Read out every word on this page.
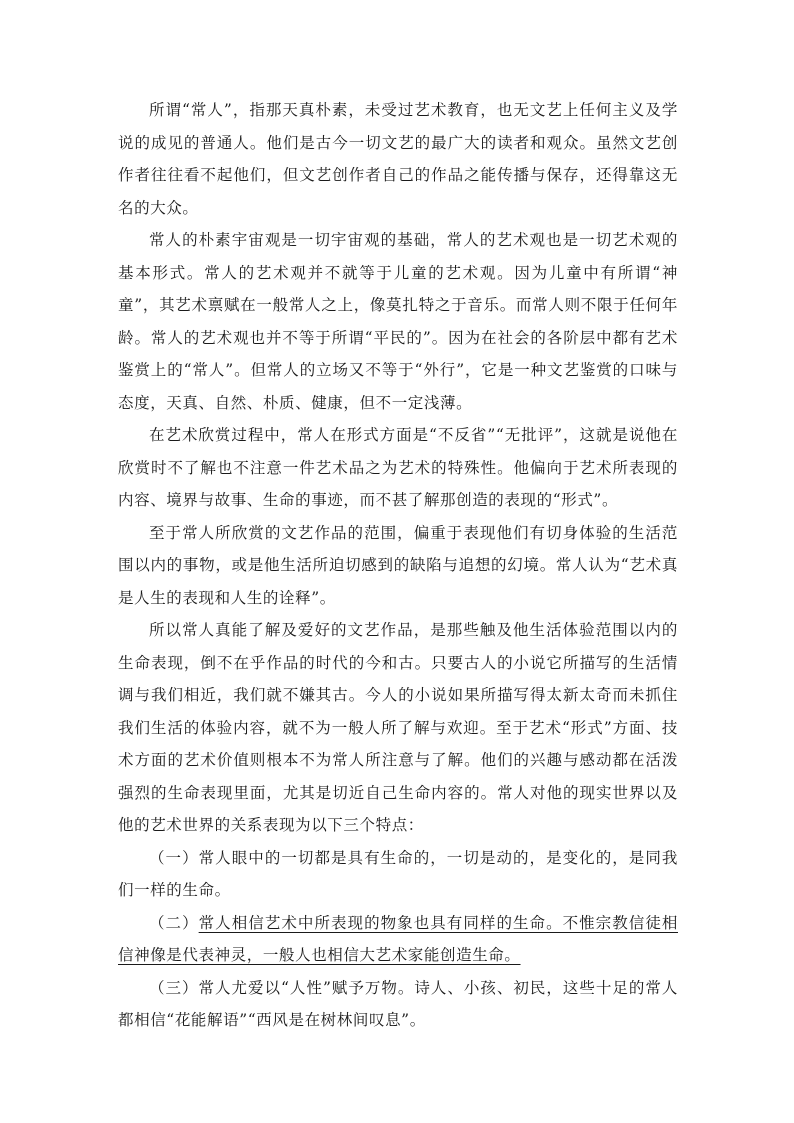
所谓“常人”，指那天真朴素，未受过艺术教育，也无文艺上任何主义及学说的成见的普通人。他们是古今一切文艺的最广大的读者和观众。虽然文艺创作者往往看不起他们，但文艺创作者自己的作品之能传播与保存，还得靠这无名的大众。

常人的朴素宇宙观是一切宇宙观的基础，常人的艺术观也是一切艺术观的基本形式。常人的艺术观并不就等于儿童的艺术观。因为儿童中有所谓“神童”，其艺术禀赋在一般常人之上，像莫扎特之于音乐。而常人则不限于任何年龄。常人的艺术观也并不等于所谓“平民的”。因为在社会的各阶层中都有艺术鉴赏上的“常人”。但常人的立场又不等于“外行”，它是一种文艺鉴赏的口味与态度，天真、自然、朴质、健康，但不一定浅薄。

在艺术欣赏过程中，常人在形式方面是“不反省”“无批评”，这就是说他在欣赏时不了解也不注意一件艺术品之为艺术的特殊性。他偏向于艺术所表现的内容、境界与故事、生命的事迹，而不甚了解那创造的表现的“形式”。

至于常人所欣赏的文艺作品的范围，偏重于表现他们有切身体验的生活范围以内的事物，或是他生活所迫切感到的缺陷与追想的幻境。常人认为“艺术真是人生的表现和人生的诠释”。

所以常人真能了解及爱好的文艺作品，是那些触及他生活体验范围以内的生命表现，倒不在乎作品的时代的今和古。只要古人的小说它所描写的生活情调与我们相近，我们就不嫌其古。今人的小说如果所描写得太新太奇而未抓住我们生活的体验内容，就不为一般人所了解与欢迎。至于艺术“形式”方面、技术方面的艺术价值则根本不为常人所注意与了解。他们的兴趣与感动都在活泼强烈的生命表现里面，尤其是切近自己生命内容的。常人对他的现实世界以及他的艺术世界的关系表现为以下三个特点：

（一）常人眼中的一切都是具有生命的，一切是动的，是变化的，是同我们一样的生命。

（二）常人相信艺术中所表现的物象也具有同样的生命。不惟宗教信徒相信神像是代表神灵，一般人也相信大艺术家能创造生命。

（三）常人尤爱以“人性”赋予万物。诗人、小孩、初民，这些十足的常人都相信“花能解语”“西风是在树林间叹息”。
